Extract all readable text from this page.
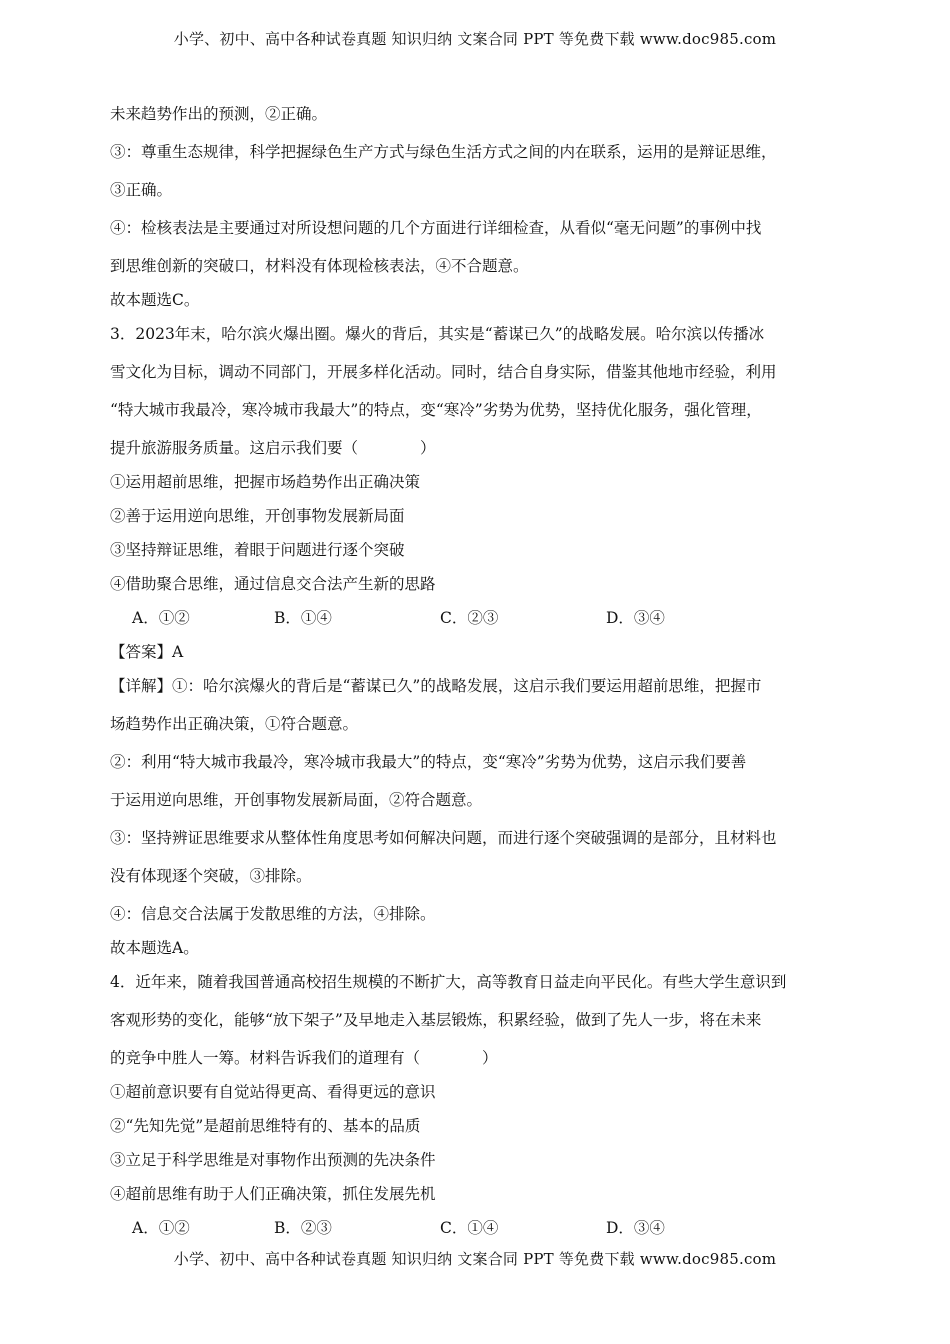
小学、初中、高中各种试卷真题 知识归纳 文案合同 PPT 等免费下载 www.doc985.com
未来趋势作出的预测，②正确。
③：尊重生态规律，科学把握绿色生产方式与绿色生活方式之间的内在联系，运用的是辩证思维，
③正确。
④：检核表法是主要通过对所设想问题的几个方面进行详细检查，从看似“毫无问题”的事例中找
到思维创新的突破口，材料没有体现检核表法，④不合题意。
故本题选C。
3．2023年末，哈尔滨火爆出圈。爆火的背后，其实是“蓄谋已久”的战略发展。哈尔滨以传播冰
雪文化为目标，调动不同部门，开展多样化活动。同时，结合自身实际，借鉴其他地市经验，利用
“特大城市我最冷，寒冷城市我最大”的特点，变“寒冷”劣势为优势，坚持优化服务，强化管理，
提升旅游服务质量。这启示我们要（　　　　）
①运用超前思维，把握市场趋势作出正确决策
②善于运用逆向思维，开创事物发展新局面
③坚持辩证思维，着眼于问题进行逐个突破
④借助聚合思维，通过信息交合法产生新的思路
A．①②	B．①④	C．②③	D．③④
【答案】A
【详解】①：哈尔滨爆火的背后是“蓄谋已久”的战略发展，这启示我们要运用超前思维，把握市
场趋势作出正确决策，①符合题意。
②：利用“特大城市我最冷，寒冷城市我最大”的特点，变“寒冷”劣势为优势，这启示我们要善
于运用逆向思维，开创事物发展新局面，②符合题意。
③：坚持辨证思维要求从整体性角度思考如何解决问题，而进行逐个突破强调的是部分，且材料也
没有体现逐个突破，③排除。
④：信息交合法属于发散思维的方法，④排除。
故本题选A。
4．近年来，随着我国普通高校招生规模的不断扩大，高等教育日益走向平民化。有些大学生意识到
客观形势的变化，能够“放下架子”及早地走入基层锻炼，积累经验，做到了先人一步，将在未来
的竞争中胜人一筹。材料告诉我们的道理有（　　　　）
①超前意识要有自觉站得更高、看得更远的意识
②“先知先觉”是超前思维特有的、基本的品质
③立足于科学思维是对事物作出预测的先决条件
④超前思维有助于人们正确决策，抓住发展先机
A．①②	B．②③	C．①④	D．③④
小学、初中、高中各种试卷真题 知识归纳 文案合同 PPT 等免费下载 www.doc985.com
